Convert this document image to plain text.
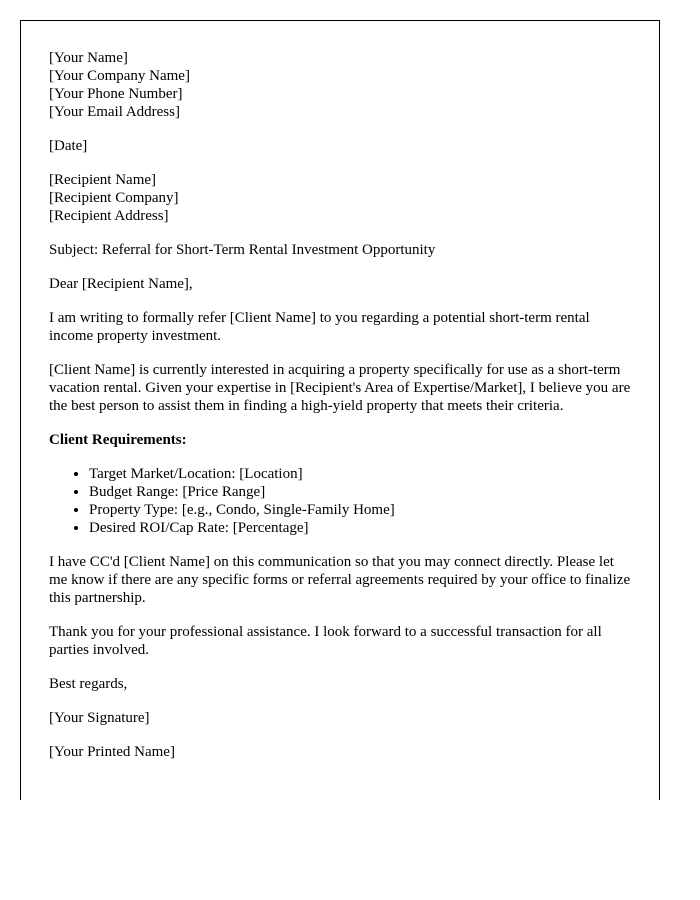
[Your Name]
[Your Company Name]
[Your Phone Number]
[Your Email Address]

[Date]

[Recipient Name]
[Recipient Company]
[Recipient Address]

Subject: Referral for Short-Term Rental Investment Opportunity

Dear [Recipient Name],

I am writing to formally refer [Client Name] to you regarding a potential short-term rental income property investment.

[Client Name] is currently interested in acquiring a property specifically for use as a short-term vacation rental. Given your expertise in [Recipient's Area of Expertise/Market], I believe you are the best person to assist them in finding a high-yield property that meets their criteria.

Client Requirements:

• Target Market/Location: [Location]
• Budget Range: [Price Range]
• Property Type: [e.g., Condo, Single-Family Home]
• Desired ROI/Cap Rate: [Percentage]

I have CC'd [Client Name] on this communication so that you may connect directly. Please let me know if there are any specific forms or referral agreements required by your office to finalize this partnership.

Thank you for your professional assistance. I look forward to a successful transaction for all parties involved.

Best regards,

[Your Signature]

[Your Printed Name]
